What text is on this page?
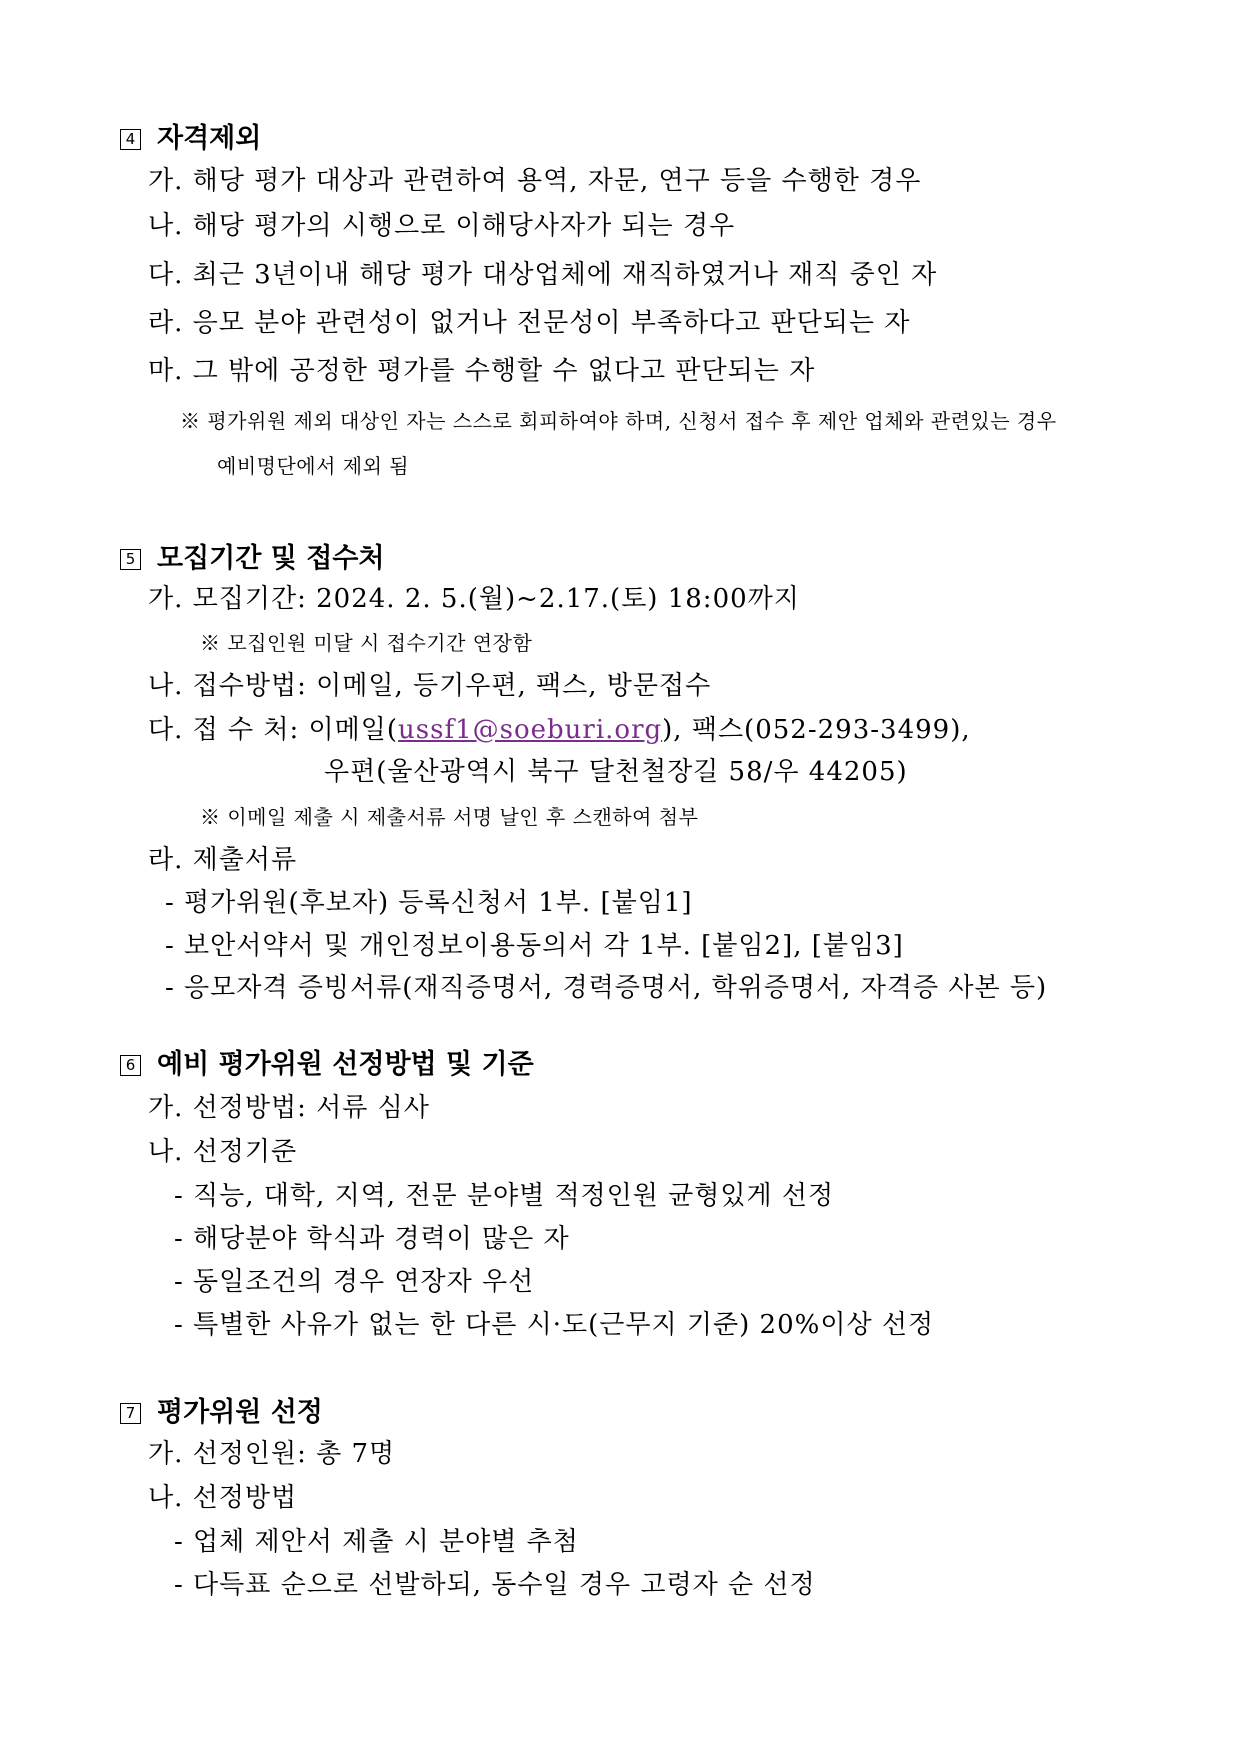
4 자격제외
가. 해당 평가 대상과 관련하여 용역, 자문, 연구 등을 수행한 경우
나. 해당 평가의 시행으로 이해당사자가 되는 경우
다. 최근 3년이내 해당 평가 대상업체에 재직하였거나 재직 중인 자
라. 응모 분야 관련성이 없거나 전문성이 부족하다고 판단되는 자
마. 그 밖에 공정한 평가를 수행할 수 없다고 판단되는 자
※ 평가위원 제외 대상인 자는 스스로 회피하여야 하며, 신청서 접수 후 제안 업체와 관련있는 경우
예비명단에서 제외 됨
5 모집기간 및 접수처
가. 모집기간: 2024. 2. 5.(월)~2.17.(토) 18:00까지
※ 모집인원 미달 시 접수기간 연장함
나. 접수방법: 이메일, 등기우편, 팩스, 방문접수
다. 접 수 처: 이메일(ussf1@soeburi.org), 팩스(052-293-3499),
우편(울산광역시 북구 달천철장길 58/우 44205)
※ 이메일 제출 시 제출서류 서명 날인 후 스캔하여 첨부
라. 제출서류
- 평가위원(후보자) 등록신청서 1부. [붙임1]
- 보안서약서 및 개인정보이용동의서 각 1부. [붙임2], [붙임3]
- 응모자격 증빙서류(재직증명서, 경력증명서, 학위증명서, 자격증 사본 등)
6 예비 평가위원 선정방법 및 기준
가. 선정방법: 서류 심사
나. 선정기준
- 직능, 대학, 지역, 전문 분야별 적정인원 균형있게 선정
- 해당분야 학식과 경력이 많은 자
- 동일조건의 경우 연장자 우선
- 특별한 사유가 없는 한 다른 시·도(근무지 기준) 20%이상 선정
7 평가위원 선정
가. 선정인원: 총 7명
나. 선정방법
- 업체 제안서 제출 시 분야별 추첨
- 다득표 순으로 선발하되, 동수일 경우 고령자 순 선정
